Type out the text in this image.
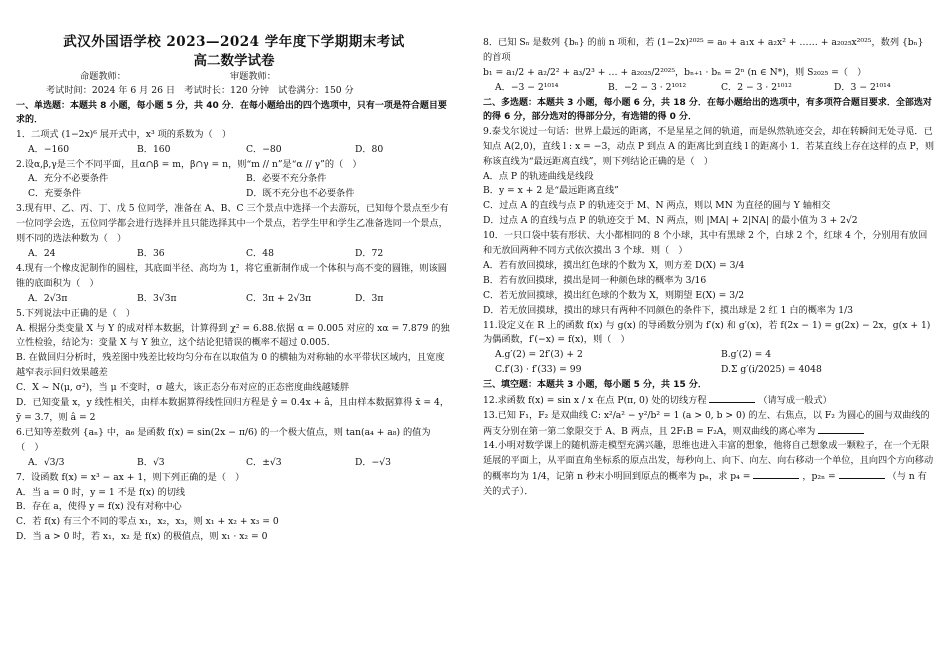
武汉外国语学校 2023—2024 学年度下学期期末考试
高二数学试卷
命题教师：	审题教师：
考试时间：2024 年 6 月 26 日　考试时长：120 分钟　试卷满分：150 分
一、单选题：本题共 8 小题，每小题 5 分，共 40 分．在每小题给出的四个选项中，只有一项是符合题目要求的．
1．二项式 (1−2x)⁶ 展开式中，x³ 项的系数为（　）
A．−160	B．160	C．−80	D．80
2.设α,β,γ是三个不同平面，且α∩β = m，β∩γ = n，则“m // n”是“α // γ”的（　）
A．充分不必要条件	B．必要不充分条件
C．充要条件	D．既不充分也不必要条件
3.现有甲、乙、丙、丁、戊 5 位同学，准备在 A、B、C 三个景点中选择一个去游玩，已知每个景点至少有一位同学会选，五位同学都会进行选择并且只能选择其中一个景点，若学生甲和学生乙准备选同一个景点，则不同的选法种数为（　）
A．24	B．36	C．48	D．72
4.现有一个橡皮泥制作的圆柱，其底面半径、高均为 1，将它重新制作成一个体积与高不变的圆锥，则该圆锥的底面积为（　）
A．2√3π	B．3√3π	C．3π + 2√3π	D．3π
5.下列说法中正确的是（　）
A. 根据分类变量 X 与 Y 的成对样本数据，计算得到 χ² = 6.88.依据 α = 0.005 对应的 xα = 7.879 的独立性检验，结论为：变量 X 与 Y 独立，这个结论犯错误的概率不超过 0.005.
B. 在做回归分析时，残差图中残差比较均匀分布在以取值为 0 的横轴为对称轴的水平带状区域内，且宽度越窄表示回归效果越差
C．X ~ N(μ, σ²)，当 μ 不变时，σ 越大，该正态分布对应的正态密度曲线越矮胖
D．已知变量 x，y 线性相关，由样本数据算得线性回归方程是 ŷ = 0.4x + â，且由样本数据算得 x̄ = 4，ȳ = 3.7，则 â = 2
6.已知等差数列 {aₙ} 中，a₆ 是函数 f(x) = sin(2x − π/6) 的一个极大值点，则 tan(a₄ + a₈) 的值为（　）
A．√3/3	B．√3	C．±√3	D．−√3
7．设函数 f(x) = x³ − ax + 1，则下列正确的是（　）
A．当 a = 0 时，y = 1 不是 f(x) 的切线
B．存在 a，使得 y = f(x) 没有对称中心
C．若 f(x) 有三个不同的零点 x₁，x₂，x₃，则 x₁ + x₂ + x₃ = 0
D．当 a > 0 时，若 x₁，x₂ 是 f(x) 的极值点，则 x₁ · x₂ = 0
8．已知 Sₙ 是数列 {bₙ} 的前 n 项和，若 (1−2x)²⁰²⁵ = a₀ + a₁x + a₂x² + …… + a₂₀₂₅x²⁰²⁵，数列 {bₙ} 的首项
b₁ = a₁/2 + a₂/2² + a₃/2³ + … + a₂₀₂₅/2²⁰²⁵，bₙ₊₁ · bₙ = 2ⁿ (n ∈ N*)，则 S₂₀₂₅ =（　）
A．−3 − 2¹⁰¹⁴	B．−2 − 3 · 2¹⁰¹²	C．2 − 3 · 2¹⁰¹²	D．3 − 2¹⁰¹⁴
二、多选题：本题共 3 小题，每小题 6 分，共 18 分．在每小题给出的选项中，有多项符合题目要求．全部选对的得 6 分，部分选对的得部分分，有选错的得 0 分．
9.泰戈尔说过一句话：世界上最远的距离，不是星星之间的轨道，而是纵然轨迹交会，却在转瞬间无处寻觅．已知点 A(2,0)，直线 l : x = −3，动点 P 到点 A 的距离比到直线 l 的距离小 1．若某直线上存在这样的点 P，则称该直线为“最远距离直线”，则下列结论正确的是（　）
A．点 P 的轨迹曲线是线段
B．y = x + 2 是“最远距离直线”
C．过点 A 的直线与点 P 的轨迹交于 M、N 两点，则以 MN 为直径的圆与 Y 轴相交
D．过点 A 的直线与点 P 的轨迹交于 M、N 两点，则 |MA| + 2|NA| 的最小值为 3 + 2√2
10．一只口袋中装有形状、大小都相同的 8 个小球，其中有黑球 2 个，白球 2 个，红球 4 个，分别用有放回和无放回两种不同方式依次摸出 3 个球．则（　）
A．若有放回摸球，摸出红色球的个数为 X，则方差 D(X) = 3/4
B．若有放回摸球，摸出是同一种颜色球的概率为 3/16
C．若无放回摸球，摸出红色球的个数为 X，则期望 E(X) = 3/2
D．若无放回摸球，摸出的球只有两种不同颜色的条件下，摸出球是 2 红 1 白的概率为 1/3
11.设定义在 R 上的函数 f(x) 与 g(x) 的导函数分别为 f′(x) 和 g′(x)，若 f(2x − 1) = g(2x) − 2x，g(x + 1) 为偶函数，f′(−x) = f(x)，则（　）
A.g′(2) = 2f′(3) + 2	B.g′(2) = 4
C.f′(3) · f′(33) = 99	D.Σ g′(i/2025) = 4048
三、填空题：本题共 3 小题，每小题 5 分，共 15 分．
12.求函数 f(x) = sin x / x 在点 P(π, 0) 处的切线方程	（请写成一般式）
13.已知 F₁，F₂ 是双曲线 C: x²/a² − y²/b² = 1 (a > 0, b > 0) 的左、右焦点，以 F₂ 为圆心的圆与双曲线的两支分别在第一第二象限交于 A、B 两点，且 2F₁B = F₂A，则双曲线的离心率为
14.小明对数学课上的随机游走模型充满兴趣，思维也进入丰富的想象，他将自己想象成一颗粒子，在一个无限延展的平面上，从平面直角坐标系的原点出发，每秒向上、向下、向左、向右移动一个单位，且向四个方向移动的概率均为 1/4，记第 n 秒末小明回到原点的概率为 pₙ，求 p₄ =	，p₂ₙ =	（与 n 有关的式子）．
